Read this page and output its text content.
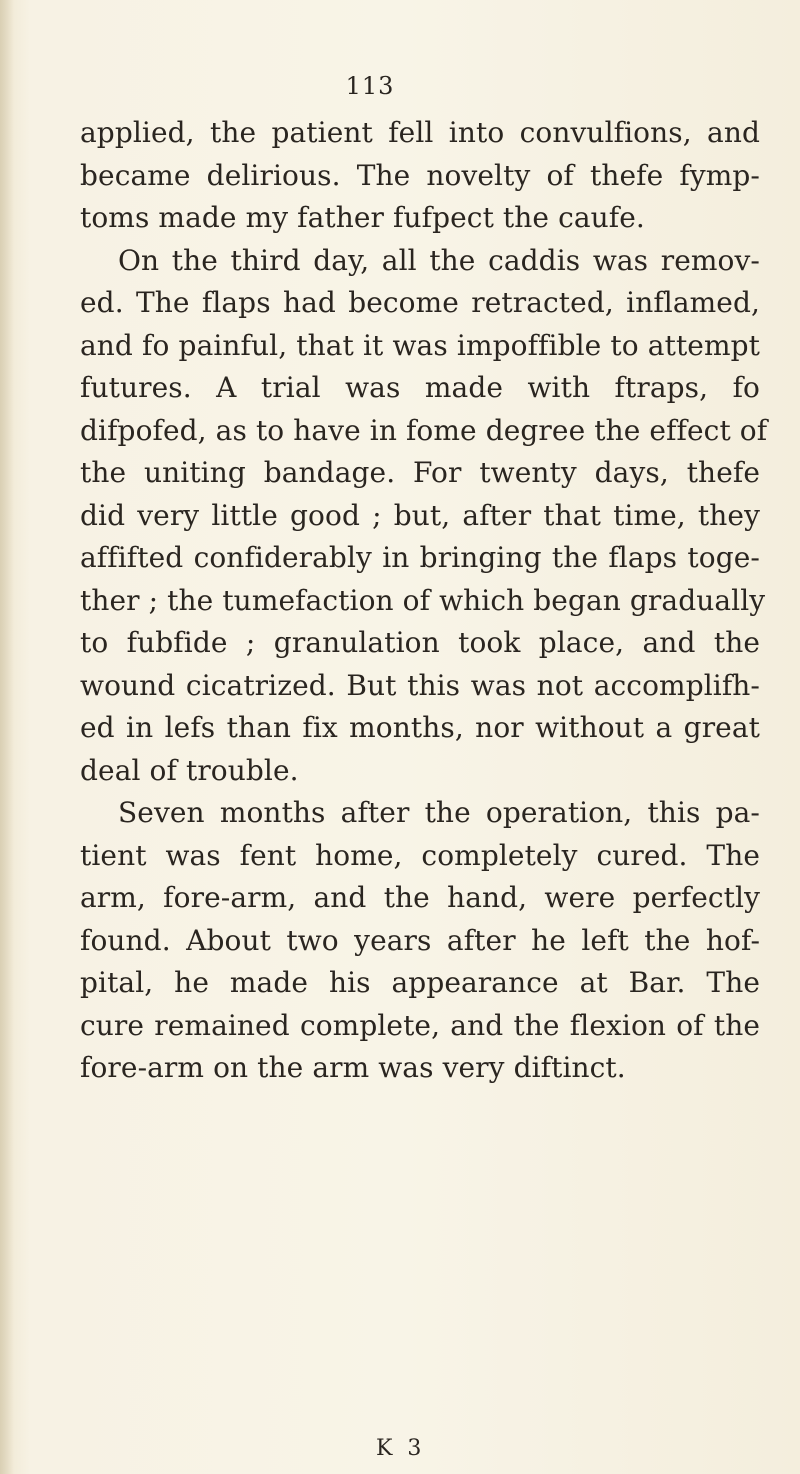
113
applied, the patient fell into convulfions, and
became delirious. The novelty of thefe fymp-
toms made my father fufpect the caufe.
On the third day, all the caddis was remov-
ed. The flaps had become retracted, inflamed,
and fo painful, that it was impoffible to attempt
futures. A trial was made with ftraps, fo
difpofed, as to have in fome degree the effect of
the uniting bandage. For twenty days, thefe
did very little good ; but, after that time, they
affifted confiderably in bringing the flaps toge-
ther ; the tumefaction of which began gradually
to fubfide ; granulation took place, and the
wound cicatrized. But this was not accomplifh-
ed in lefs than fix months, nor without a great
deal of trouble.
Seven months after the operation, this pa-
tient was fent home, completely cured. The
arm, fore-arm, and the hand, were perfectly
found. About two years after he left the hof-
pital, he made his appearance at Bar. The
cure remained complete, and the flexion of the
fore-arm on the arm was very diftinct.
K 3
